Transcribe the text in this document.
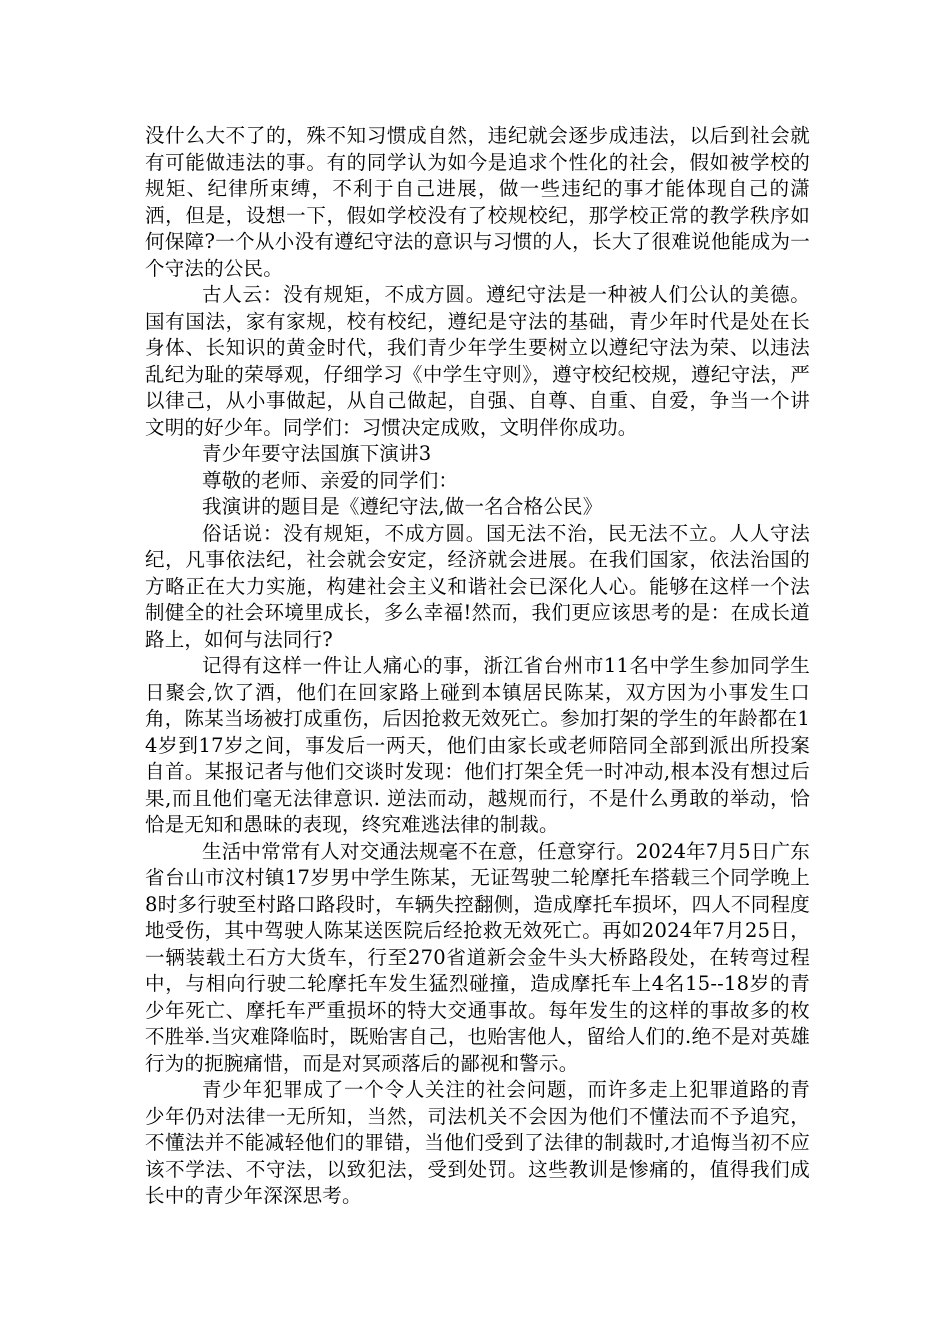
没什么大不了的，殊不知习惯成自然，违纪就会逐步成违法，以后到社会就有可能做违法的事。有的同学认为如今是追求个性化的社会，假如被学校的规矩、纪律所束缚，不利于自己进展，做一些违纪的事才能体现自己的潇洒，但是，设想一下，假如学校没有了校规校纪，那学校正常的教学秩序如何保障?一个从小没有遵纪守法的意识与习惯的人，长大了很难说他能成为一个守法的公民。

古人云：没有规矩，不成方圆。遵纪守法是一种被人们公认的美德。国有国法，家有家规，校有校纪，遵纪是守法的基础，青少年时代是处在长身体、长知识的黄金时代，我们青少年学生要树立以遵纪守法为荣、以违法乱纪为耻的荣辱观，仔细学习《中学生守则》，遵守校纪校规，遵纪守法，严以律己，从小事做起，从自己做起，自强、自尊、自重、自爱，争当一个讲文明的好少年。同学们：习惯决定成败，文明伴你成功。

青少年要守法国旗下演讲3

尊敬的老师、亲爱的同学们：

我演讲的题目是《遵纪守法,做一名合格公民》

俗话说：没有规矩，不成方圆。国无法不治，民无法不立。人人守法纪，凡事依法纪，社会就会安定，经济就会进展。在我们国家，依法治国的方略正在大力实施，构建社会主义和谐社会已深化人心。能够在这样一个法制健全的社会环境里成长，多么幸福!然而，我们更应该思考的是：在成长道路上，如何与法同行?

记得有这样一件让人痛心的事，浙江省台州市11名中学生参加同学生日聚会,饮了酒，他们在回家路上碰到本镇居民陈某，双方因为小事发生口角，陈某当场被打成重伤，后因抢救无效死亡。参加打架的学生的年龄都在14岁到17岁之间，事发后一两天，他们由家长或老师陪同全部到派出所投案自首。某报记者与他们交谈时发现：他们打架全凭一时冲动,根本没有想过后果,而且他们毫无法律意识. 逆法而动，越规而行，不是什么勇敢的举动，恰恰是无知和愚昧的表现，终究难逃法律的制裁。

生活中常常有人对交通法规毫不在意，任意穿行。2024年7月5日广东省台山市汶村镇17岁男中学生陈某，无证驾驶二轮摩托车搭载三个同学晚上8时多行驶至村路口路段时，车辆失控翻侧，造成摩托车损坏，四人不同程度地受伤，其中驾驶人陈某送医院后经抢救无效死亡。再如2024年7月25日，一辆装载土石方大货车，行至270省道新会金牛头大桥路段处，在转弯过程中，与相向行驶二轮摩托车发生猛烈碰撞，造成摩托车上4名15--18岁的青少年死亡、摩托车严重损坏的特大交通事故。每年发生的这样的事故多的枚不胜举.当灾难降临时，既贻害自己，也贻害他人，留给人们的.绝不是对英雄行为的扼腕痛惜，而是对冥顽落后的鄙视和警示。

青少年犯罪成了一个令人关注的社会问题，而许多走上犯罪道路的青少年仍对法律一无所知，当然，司法机关不会因为他们不懂法而不予追究，不懂法并不能减轻他们的罪错，当他们受到了法律的制裁时,才追悔当初不应该不学法、不守法，以致犯法，受到处罚。这些教训是惨痛的，值得我们成长中的青少年深深思考。
